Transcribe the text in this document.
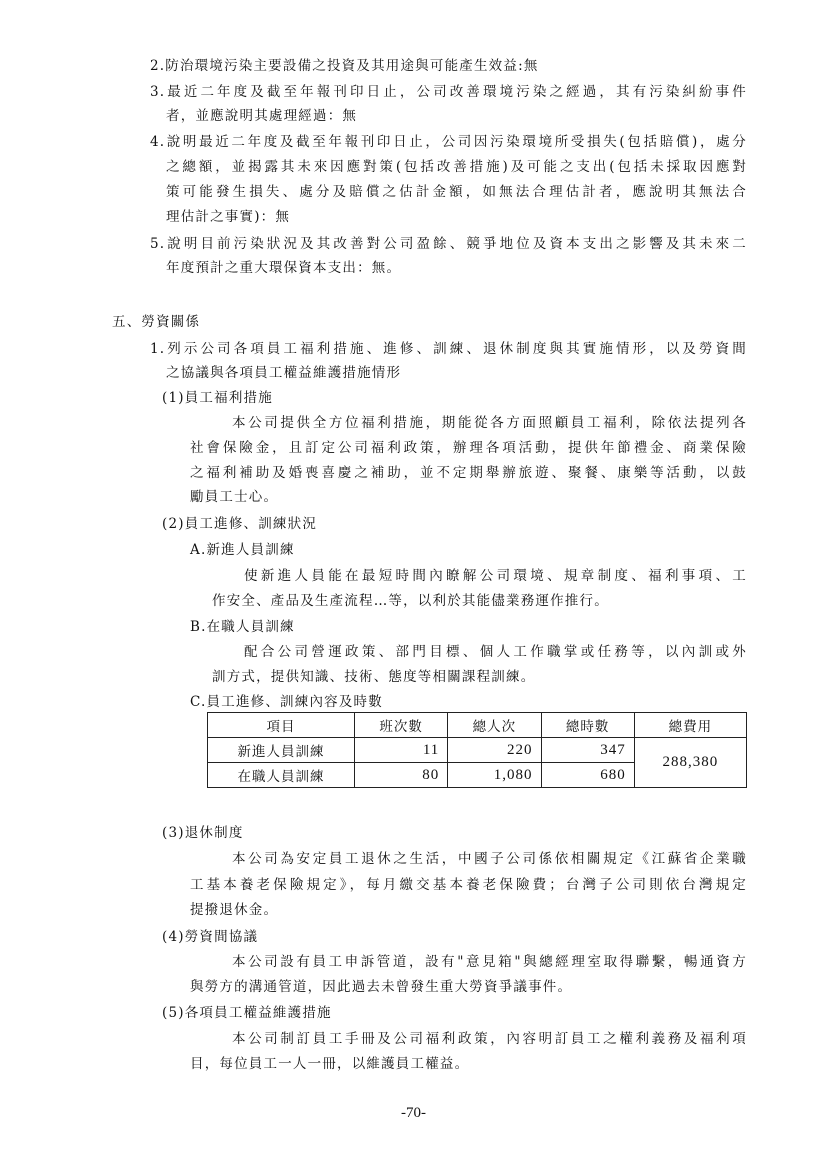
2.防治環境污染主要設備之投資及其用途與可能產生效益:無
3.最近二年度及截至年報刊印日止，公司改善環境污染之經過，其有污染糾紛事件
者，並應說明其處理經過：無
4.說明最近二年度及截至年報刊印日止，公司因污染環境所受損失(包括賠償)，處分
之總額，並揭露其未來因應對策(包括改善措施)及可能之支出(包括未採取因應對
策可能發生損失、處分及賠償之估計金額，如無法合理估計者，應說明其無法合
理估計之事實)：無
5.說明目前污染狀況及其改善對公司盈餘、競爭地位及資本支出之影響及其未來二
年度預計之重大環保資本支出：無。
五、勞資關係
1.列示公司各項員工福利措施、進修、訓練、退休制度與其實施情形，以及勞資間
之協議與各項員工權益維護措施情形
(1)員工福利措施
本公司提供全方位福利措施，期能從各方面照顧員工福利，除依法提列各
社會保險金，且訂定公司福利政策，辦理各項活動，提供年節禮金、商業保險
之福利補助及婚喪喜慶之補助，並不定期舉辦旅遊、聚餐、康樂等活動，以鼓
勵員工士心。
(2)員工進修、訓練狀況
A.新進人員訓練
使新進人員能在最短時間內瞭解公司環境、規章制度、福利事項、工
作安全、產品及生產流程…等，以利於其能儘業務運作推行。
B.在職人員訓練
配合公司營運政策、部門目標、個人工作職掌或任務等，以內訓或外
訓方式，提供知識、技術、態度等相關課程訓練。
C.員工進修、訓練內容及時數
項目	班次數	總人次	總時數	總費用
新進人員訓練	11	220	347	288,380
在職人員訓練	80	1,080	680	
(3)退休制度
本公司為安定員工退休之生活，中國子公司係依相關規定《江蘇省企業職
工基本養老保險規定》，每月繳交基本養老保險費；台灣子公司則依台灣規定
提撥退休金。
(4)勞資間協議
本公司設有員工申訴管道，設有"意見箱"與總經理室取得聯繫，暢通資方
與勞方的溝通管道，因此過去未曾發生重大勞資爭議事件。
(5)各項員工權益維護措施
本公司制訂員工手冊及公司福利政策，內容明訂員工之權利義務及福利項
目，每位員工一人一冊，以維護員工權益。
-70-
